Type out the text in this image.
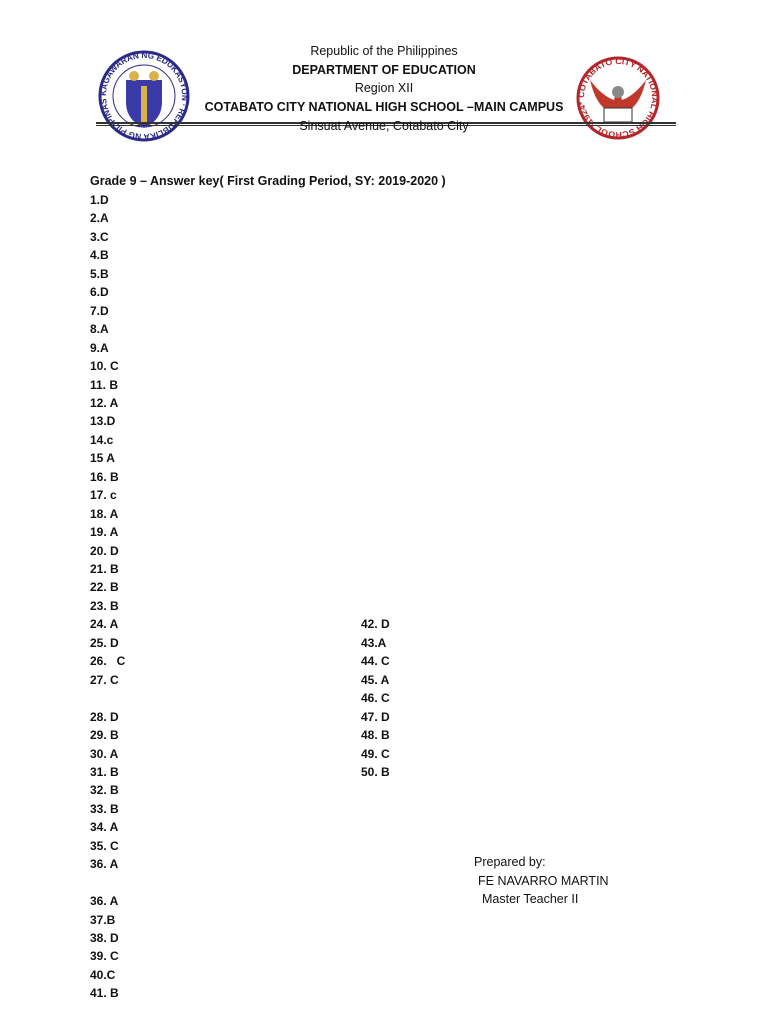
KAGAWARAN NG EDUKASYON · REPUBLIKA NG PILIPINAS
COTABATO CITY NATIONAL HIGH SCHOOL *1924*
Republic of the Philippines
DEPARTMENT OF EDUCATION
Region XII
COTABATO CITY NATIONAL HIGH SCHOOL –MAIN CAMPUS
Sinsuat Avenue, Cotabato City
Grade 9 – Answer key( First Grading Period, SY: 2019-2020 )
1.D
2.A
3.C
4.B
5.B
6.D
7.D
8.A
9.A
10. C
11. B
12. A
13.D
14.c
15 A
16. B
17. c
18. A
19. A
20. D
21. B
22. B
23. B
24. A
25. D
26.   C
27. C
28. D
29. B
30. A
31. B
32. B
33. B
34. A
35. C
36. A
36. A
37.B
38. D
39. C
40.C
41. B
42. D
43.A
44. C
45. A
46. C
47. D
48. B
49. C
50. B
Prepared by:
FE NAVARRO MARTIN
Master Teacher II
